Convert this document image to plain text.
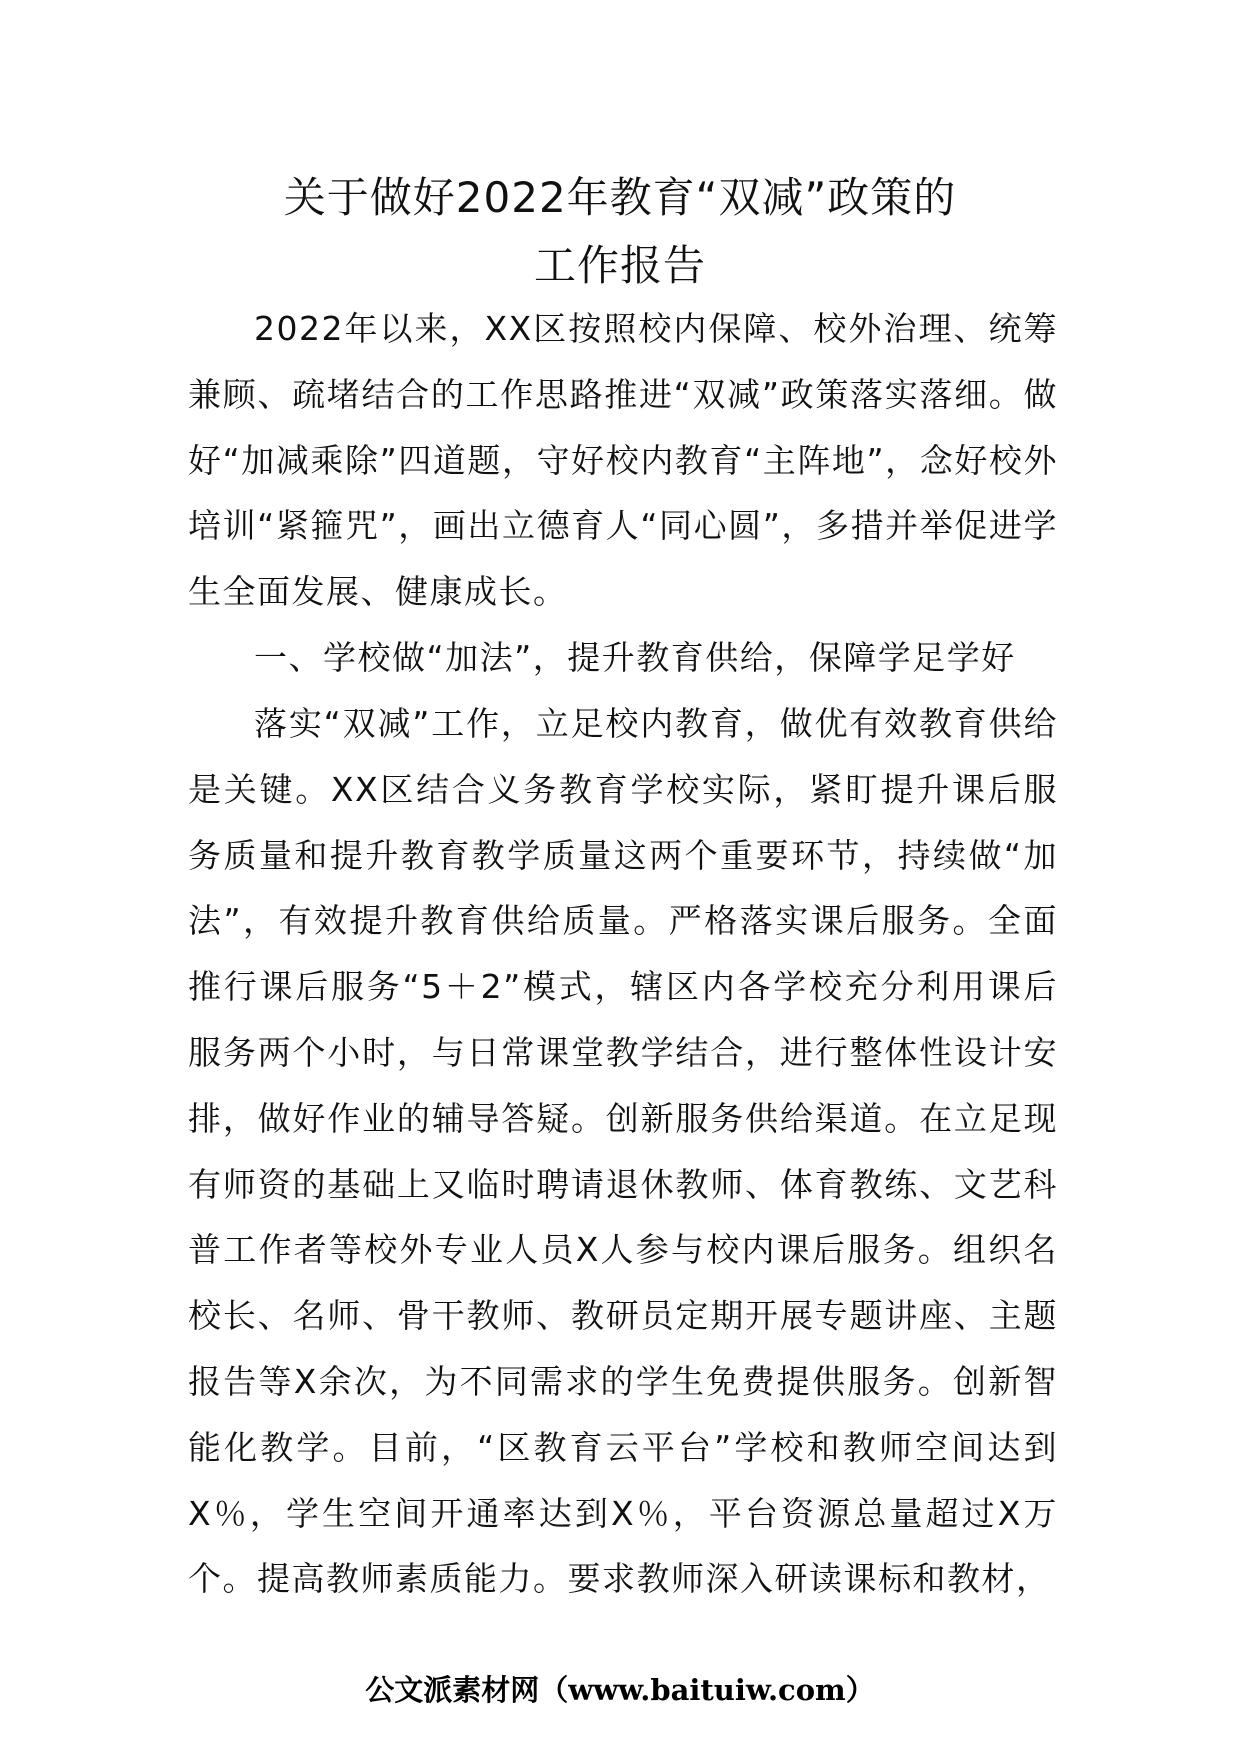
关于做好2022年教育“双减”政策的
工作报告

2022年以来，XX区按照校内保障、校外治理、统筹兼顾、疏堵结合的工作思路推进“双减”政策落实落细。做好“加减乘除”四道题，守好校内教育“主阵地”，念好校外培训“紧箍咒”，画出立德育人“同心圆”，多措并举促进学生全面发展、健康成长。

一、学校做“加法”，提升教育供给，保障学足学好

落实“双减”工作，立足校内教育，做优有效教育供给是关键。XX区结合义务教育学校实际，紧盯提升课后服务质量和提升教育教学质量这两个重要环节，持续做“加法”，有效提升教育供给质量。严格落实课后服务。全面推行课后服务“5＋2”模式，辖区内各学校充分利用课后服务两个小时，与日常课堂教学结合，进行整体性设计安排，做好作业的辅导答疑。创新服务供给渠道。在立足现有师资的基础上又临时聘请退休教师、体育教练、文艺科普工作者等校外专业人员X人参与校内课后服务。组织名校长、名师、骨干教师、教研员定期开展专题讲座、主题报告等X余次，为不同需求的学生免费提供服务。创新智能化教学。目前，“区教育云平台”学校和教师空间达到X％，学生空间开通率达到X％，平台资源总量超过X万个。提高教师素质能力。要求教师深入研读课标和教材，

公文派素材网（www.baituiw.com）
